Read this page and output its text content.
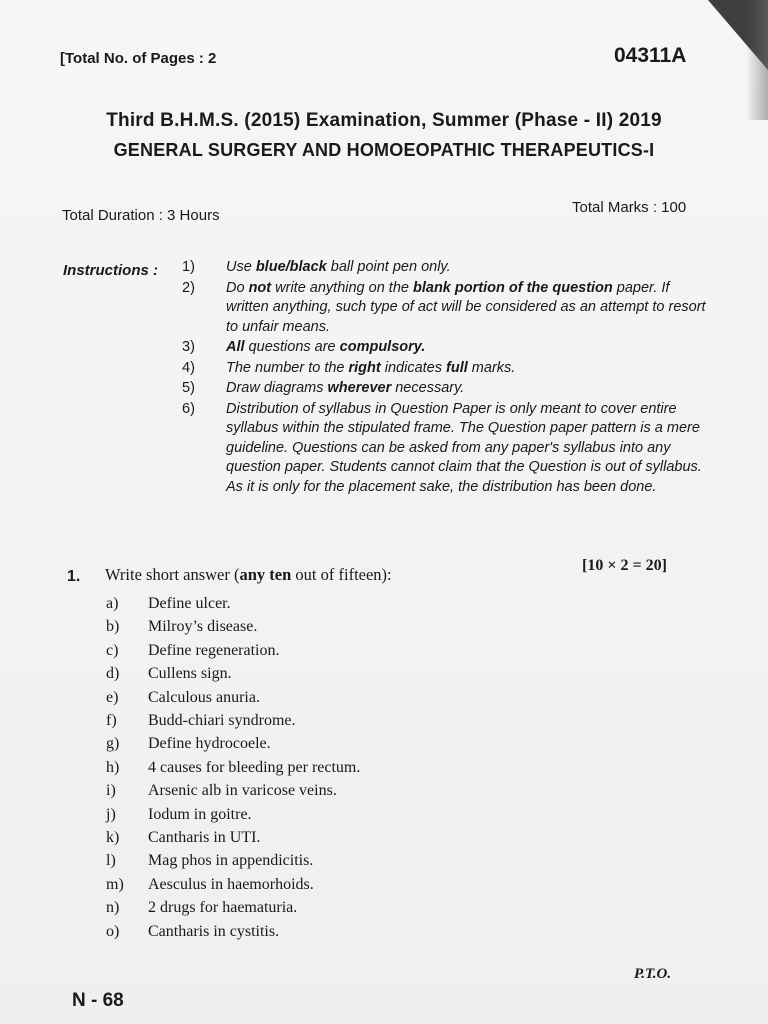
[Total No. of Pages : 2	04311A
Third B.H.M.S. (2015) Examination, Summer (Phase - II) 2019
GENERAL SURGERY AND HOMOEOPATHIC THERAPEUTICS-I
Total Duration : 3 Hours	Total Marks : 100
Instructions : 1)	Use blue/black ball point pen only.
2)	Do not write anything on the blank portion of the question paper. If written anything, such type of act will be considered as an attempt to resort to unfair means.
3)	All questions are compulsory.
4)	The number to the right indicates full marks.
5)	Draw diagrams wherever necessary.
6)	Distribution of syllabus in Question Paper is only meant to cover entire syllabus within the stipulated frame. The Question paper pattern is a mere guideline. Questions can be asked from any paper's syllabus into any question paper. Students cannot claim that the Question is out of syllabus. As it is only for the placement sake, the distribution has been done.
1. Write short answer (any ten out of fifteen):	[10 × 2 = 20]
a)	Define ulcer.
b)	Milroy’s disease.
c)	Define regeneration.
d)	Cullens sign.
e)	Calculous anuria.
f)	Budd-chiari syndrome.
g)	Define hydrocoele.
h)	4 causes for bleeding per rectum.
i)	Arsenic alb in varicose veins.
j)	Iodum in goitre.
k)	Cantharis in UTI.
l)	Mag phos in appendicitis.
m)	Aesculus in haemorhoids.
n)	2 drugs for haematuria.
o)	Cantharis in cystitis.
P.T.O.
N - 68
